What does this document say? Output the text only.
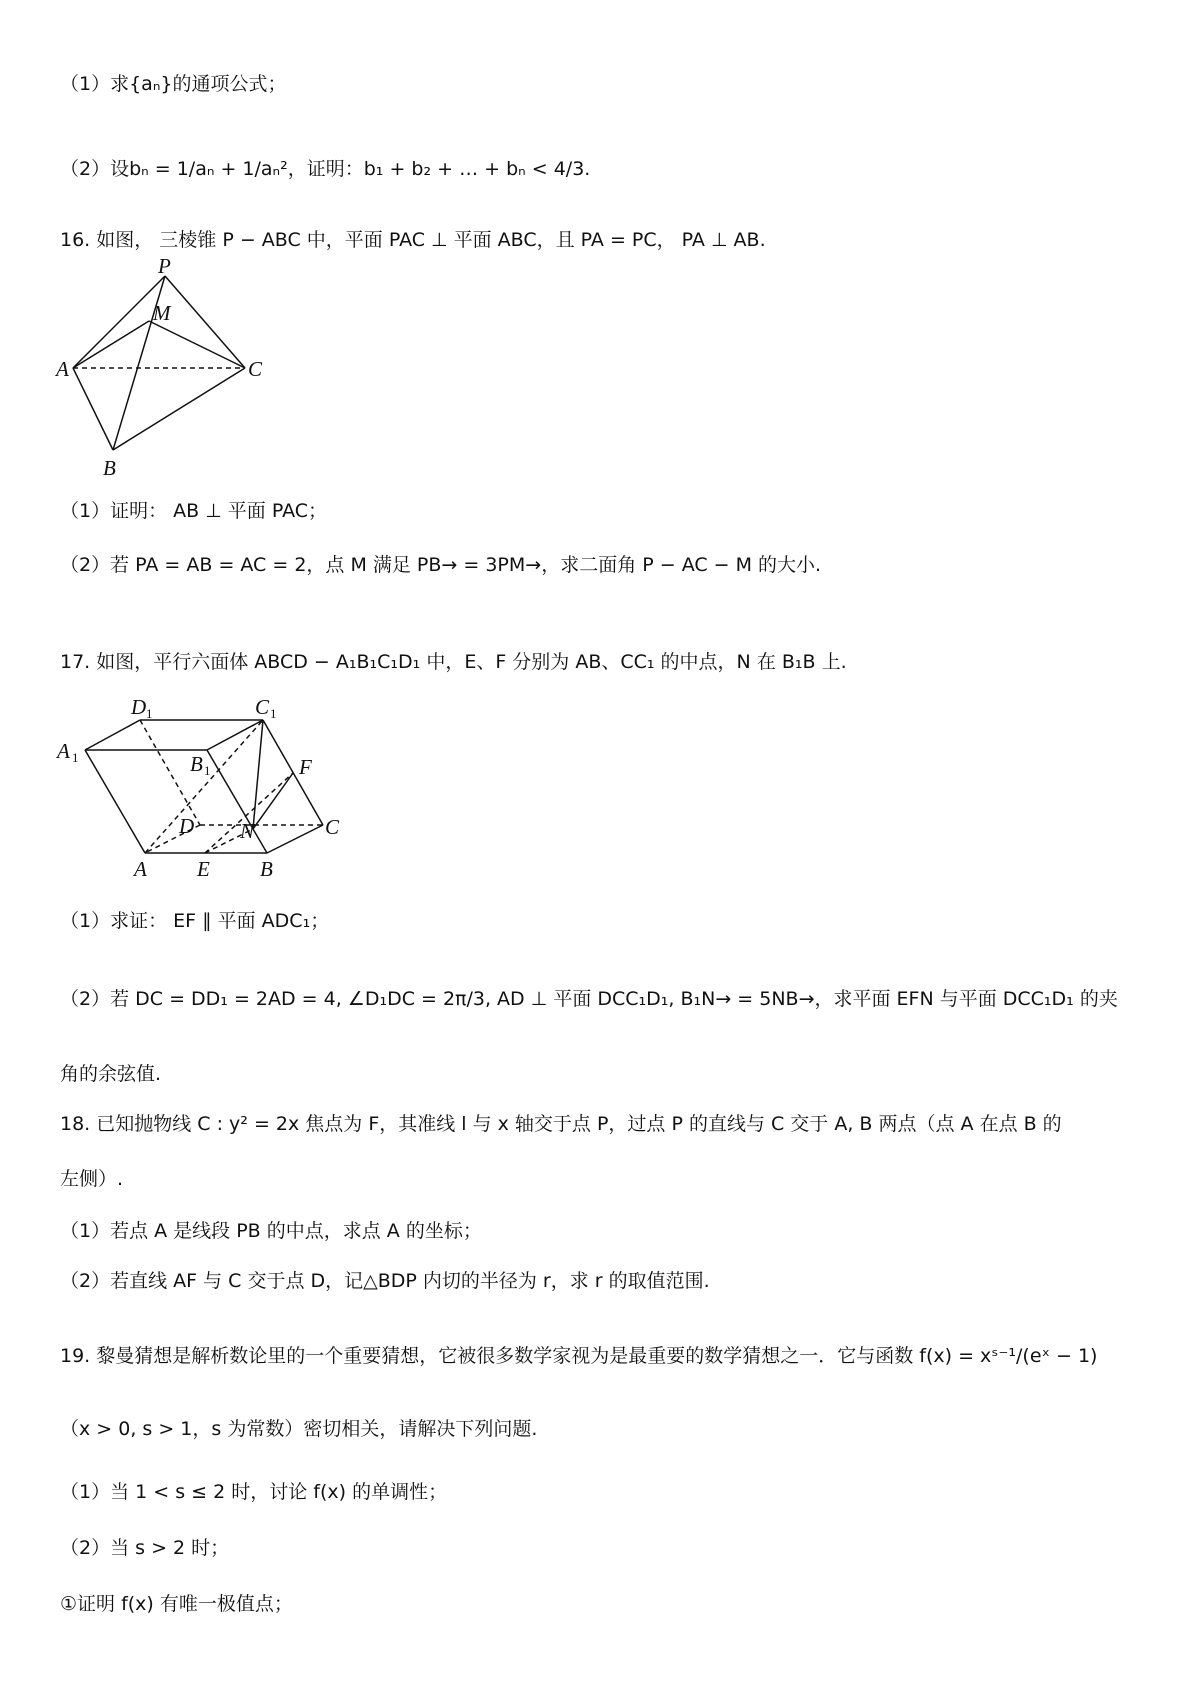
（1）求{aₙ}的通项公式；
（2）设bₙ = 1/aₙ + 1/aₙ²，证明：b₁ + b₂ + … + bₙ < 4/3.
16. 如图， 三棱锥 P − ABC 中，平面 PAC ⊥ 平面 ABC，且 PA = PC， PA ⊥ AB.
P
M
A	C
B
（1）证明： AB ⊥ 平面 PAC；
（2）若 PA = AB = AC = 2，点 M 满足 PB→ = 3PM→，求二面角 P − AC − M 的大小.
17. 如图，平行六面体 ABCD − A₁B₁C₁D₁ 中，E、F 分别为 AB、CC₁ 的中点，N 在 B₁B 上.
D 1	C 1
A 1	B 1	F
D N	C
A E B
（1）求证： EF ∥ 平面 ADC₁；
（2）若 DC = DD₁ = 2AD = 4, ∠D₁DC = 2π/3, AD ⊥ 平面 DCC₁D₁, B₁N→ = 5NB→，求平面 EFN 与平面 DCC₁D₁ 的夹
角的余弦值.
18. 已知抛物线 C : y² = 2x 焦点为 F，其准线 l 与 x 轴交于点 P，过点 P 的直线与 C 交于 A, B 两点（点 A 在点 B 的
左侧）.
（1）若点 A 是线段 PB 的中点，求点 A 的坐标；
（2）若直线 AF 与 C 交于点 D，记△BDP 内切的半径为 r，求 r 的取值范围.
19. 黎曼猜想是解析数论里的一个重要猜想，它被很多数学家视为是最重要的数学猜想之一．它与函数 f(x) = xˢ⁻¹/(eˣ − 1)
（x > 0, s > 1，s 为常数）密切相关，请解决下列问题.
（1）当 1 < s ≤ 2 时，讨论 f(x) 的单调性；
（2）当 s > 2 时；
①证明 f(x) 有唯一极值点；
